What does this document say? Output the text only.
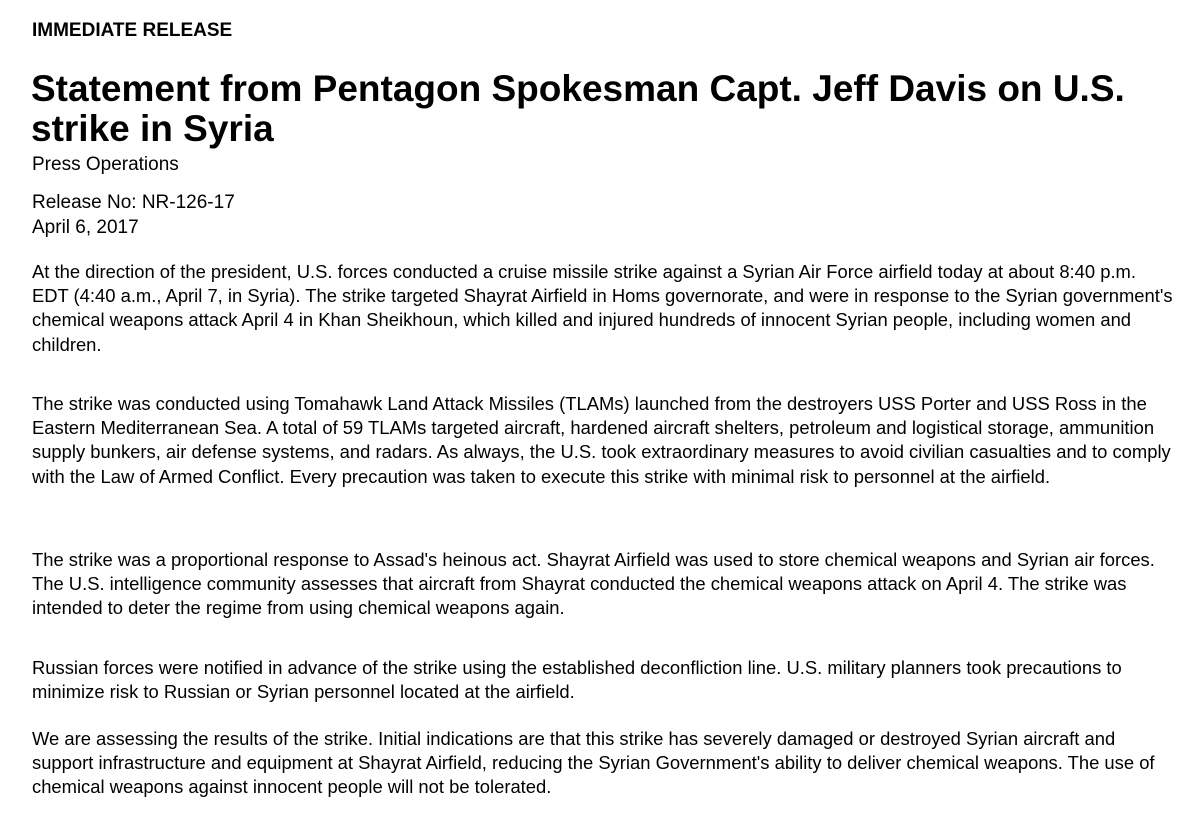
IMMEDIATE RELEASE
Statement from Pentagon Spokesman Capt. Jeff Davis on U.S. strike in Syria
Press Operations
Release No: NR-126-17
April 6, 2017

At the direction of the president, U.S. forces conducted a cruise missile strike against a Syrian Air Force airfield today at about 8:40 p.m. EDT (4:40 a.m., April 7, in Syria). The strike targeted Shayrat Airfield in Homs governorate, and were in response to the Syrian government's chemical weapons attack April 4 in Khan Sheikhoun, which killed and injured hundreds of innocent Syrian people, including women and children.

The strike was conducted using Tomahawk Land Attack Missiles (TLAMs) launched from the destroyers USS Porter and USS Ross in the Eastern Mediterranean Sea. A total of 59 TLAMs targeted aircraft, hardened aircraft shelters, petroleum and logistical storage, ammunition supply bunkers, air defense systems, and radars. As always, the U.S. took extraordinary measures to avoid civilian casualties and to comply with the Law of Armed Conflict. Every precaution was taken to execute this strike with minimal risk to personnel at the airfield.

The strike was a proportional response to Assad's heinous act. Shayrat Airfield was used to store chemical weapons and Syrian air forces. The U.S. intelligence community assesses that aircraft from Shayrat conducted the chemical weapons attack on April 4. The strike was intended to deter the regime from using chemical weapons again.

Russian forces were notified in advance of the strike using the established deconfliction line. U.S. military planners took precautions to minimize risk to Russian or Syrian personnel located at the airfield.

We are assessing the results of the strike. Initial indications are that this strike has severely damaged or destroyed Syrian aircraft and support infrastructure and equipment at Shayrat Airfield, reducing the Syrian Government's ability to deliver chemical weapons. The use of chemical weapons against innocent people will not be tolerated.
